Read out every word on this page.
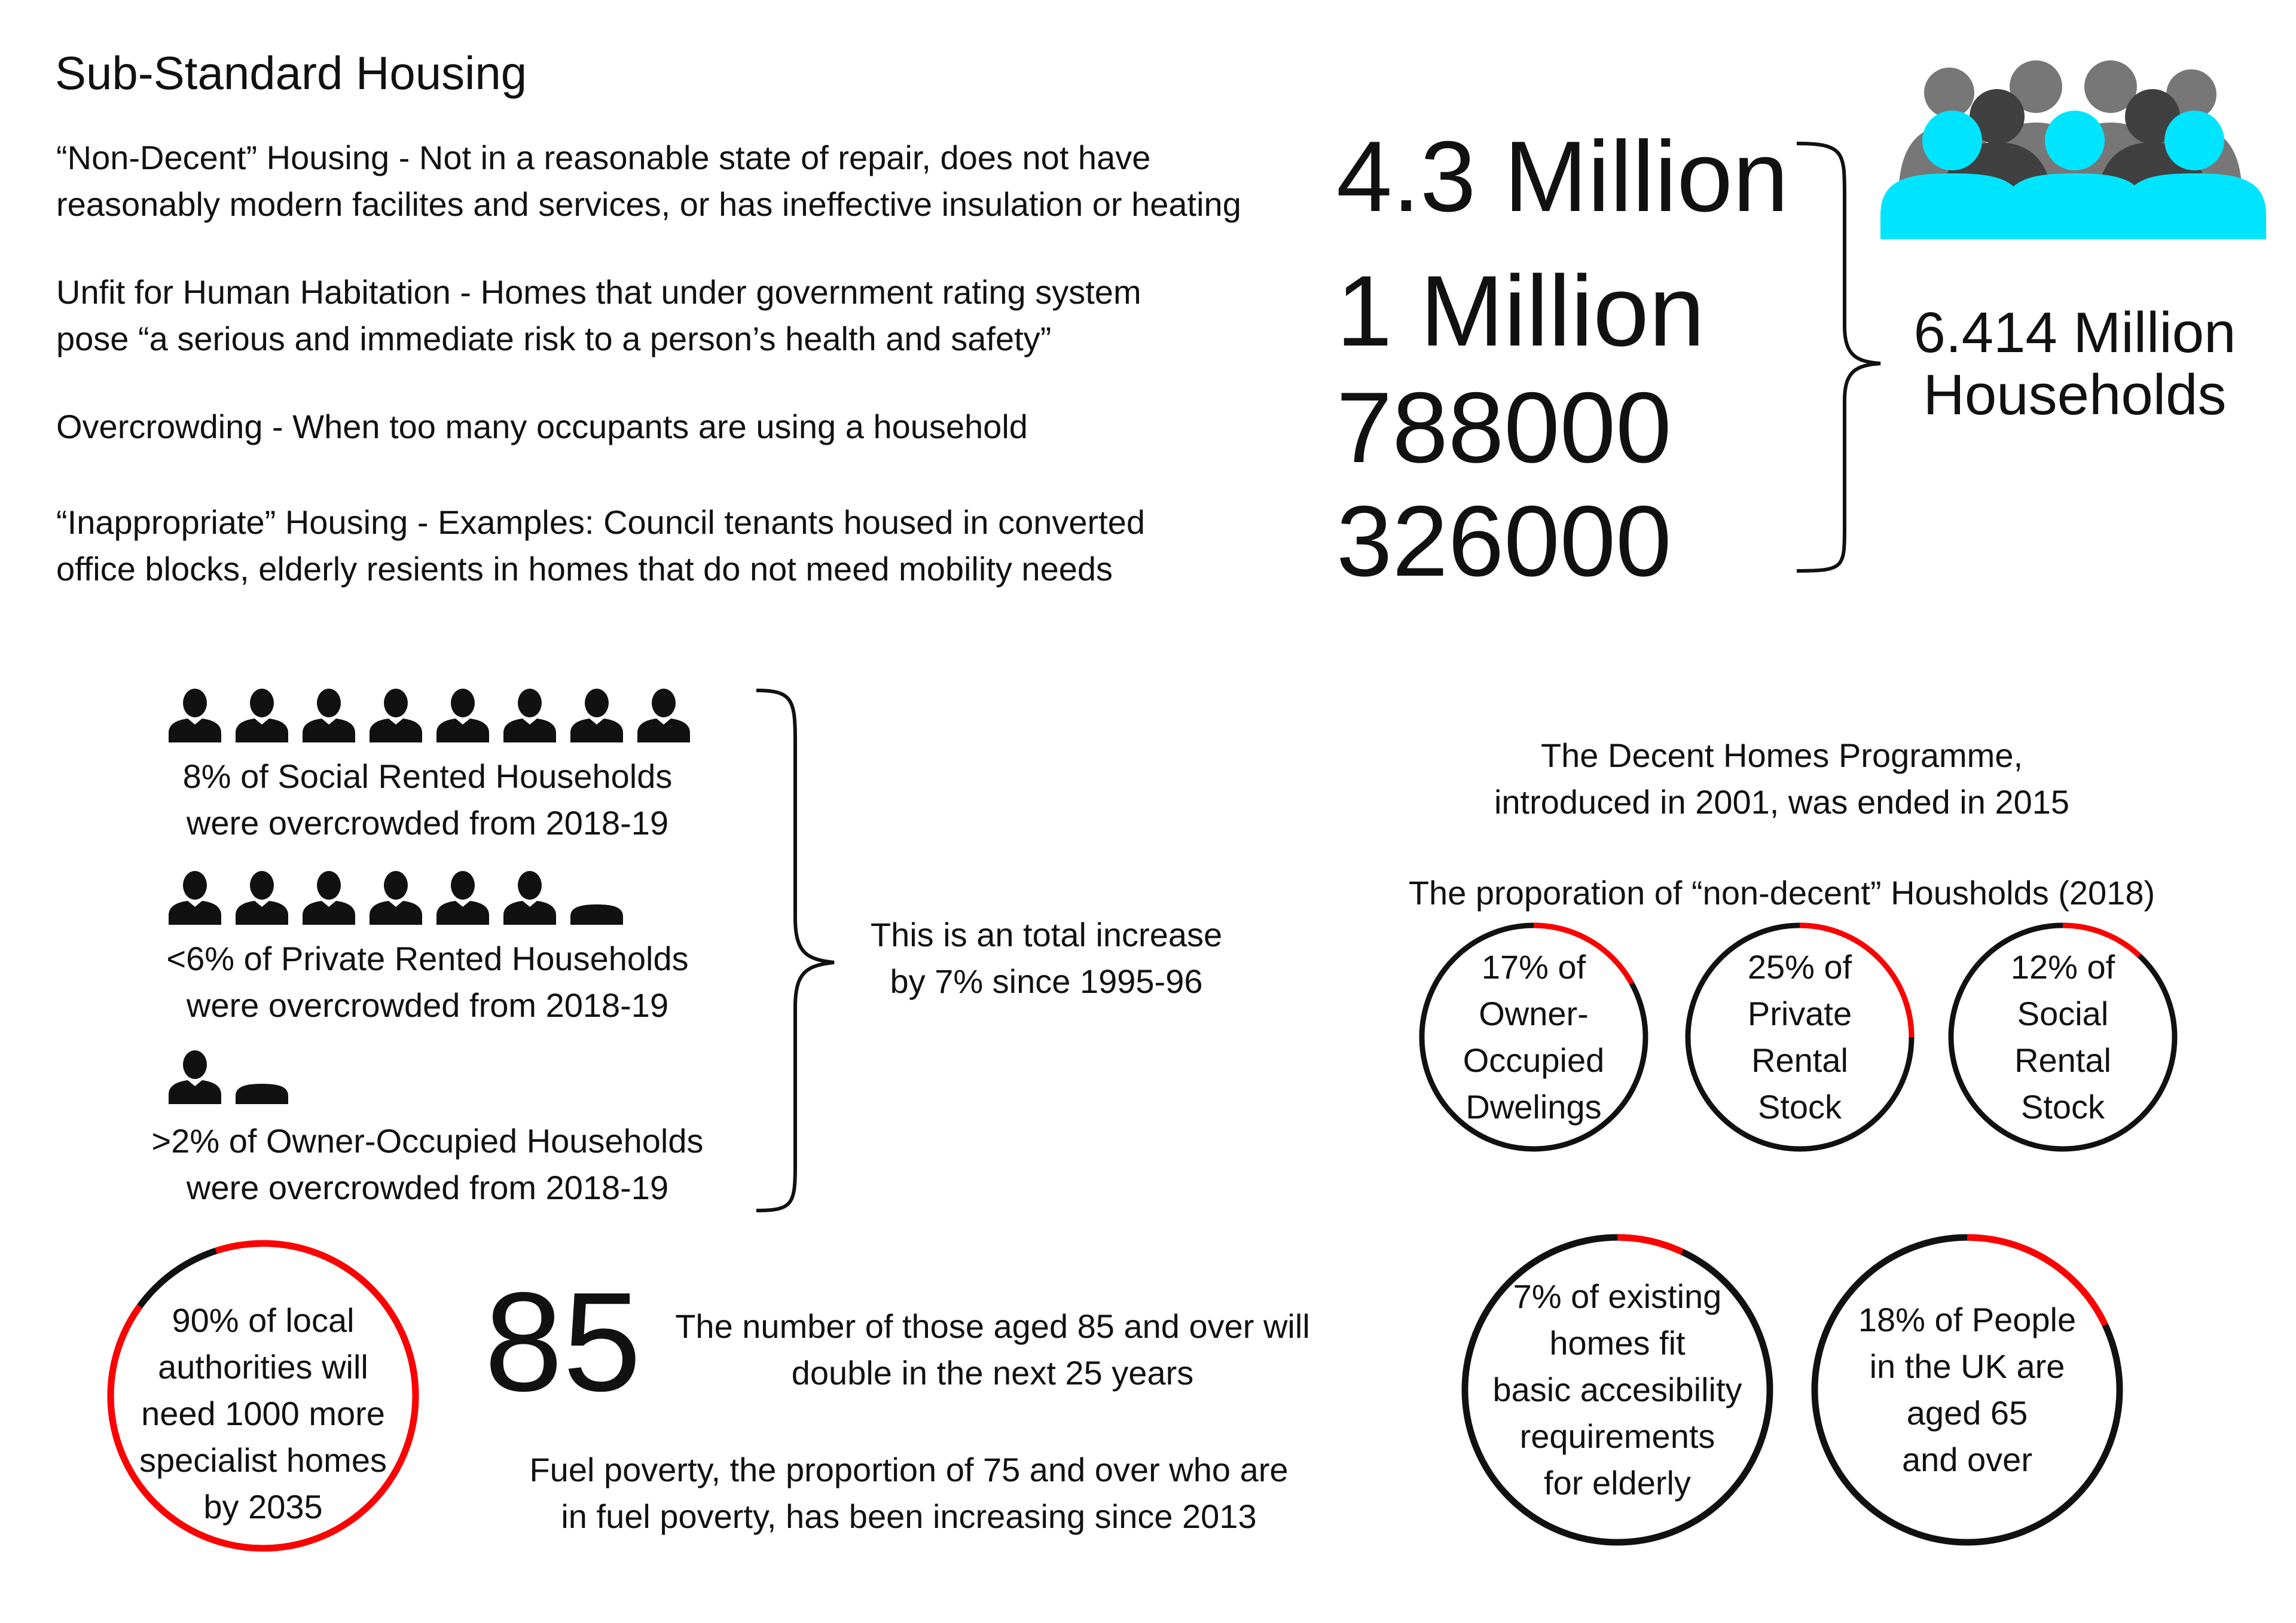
Sub-Standard Housing
“Non-Decent” Housing - Not in a reasonable state of repair, does not have
reasonably modern facilites and services, or has ineffective insulation or heating
Unfit for Human Habitation - Homes that under government rating system
pose “a serious and immediate risk to a person’s health and safety”
Overcrowding - When too many occupants are using a household
“Inappropriate” Housing - Examples: Council tenants housed in converted
office blocks, elderly resients in homes that do not meed mobility needs
4.3 Million
1 Million
788000
326000
6.414 Million
Households
8% of Social Rented Households
were overcrowded from 2018-19
<6% of Private Rented Households
were overcrowded from 2018-19
>2% of Owner-Occupied Households
were overcrowded from 2018-19
This is an total increase
by 7% since 1995-96
The Decent Homes Programme,
introduced in 2001, was ended in 2015
The proporation of “non-decent” Housholds (2018)
17% of
Owner-
Occupied
Dwelings
25% of
Private
Rental
Stock
12% of
Social
Rental
Stock
7% of existing
homes fit
basic accesibility
requirements
for elderly
18% of People
in the UK are
aged 65
and over
90% of local
authorities will
need 1000 more
specialist homes
by 2035
85	The number of those aged 85 and over will
double in the next 25 years
Fuel poverty, the proportion of 75 and over who are
in fuel poverty, has been increasing since 2013
